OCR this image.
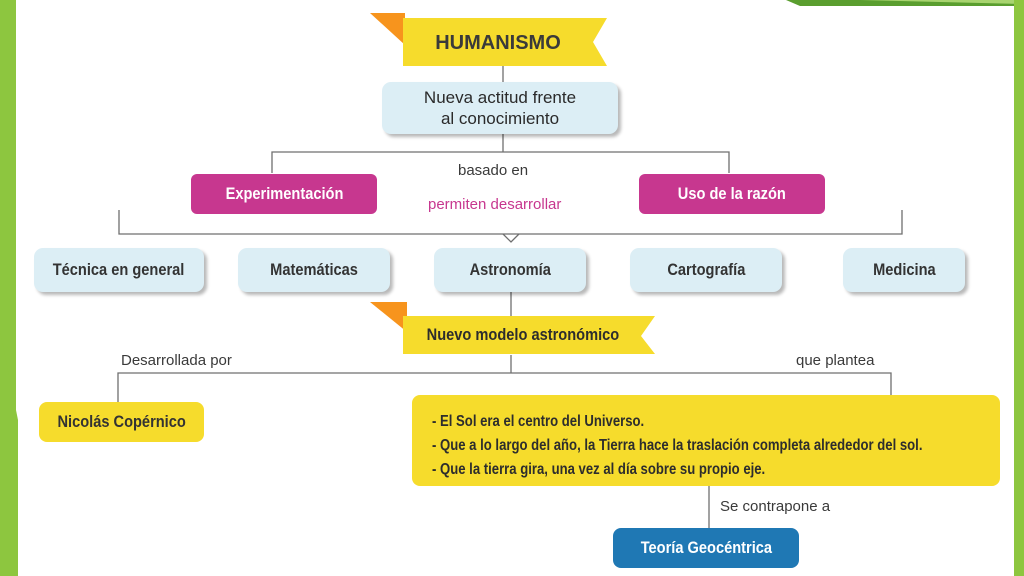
HUMANISMO
Nueva actitud frente
al conocimiento
basado en
Experimentación	Uso de la razón
permiten desarrollar
Técnica en general	Matemáticas	Astronomía	Cartografía	Medicina
Nuevo modelo astronómico
Desarrollada por	que plantea
Nicolás Copérnico	- El Sol era el centro del Universo.
- Que a lo largo del año, la Tierra hace la traslación completa alrededor del sol.
- Que la tierra gira, una vez al día sobre su propio eje.
Se contrapone a
Teoría Geocéntrica
